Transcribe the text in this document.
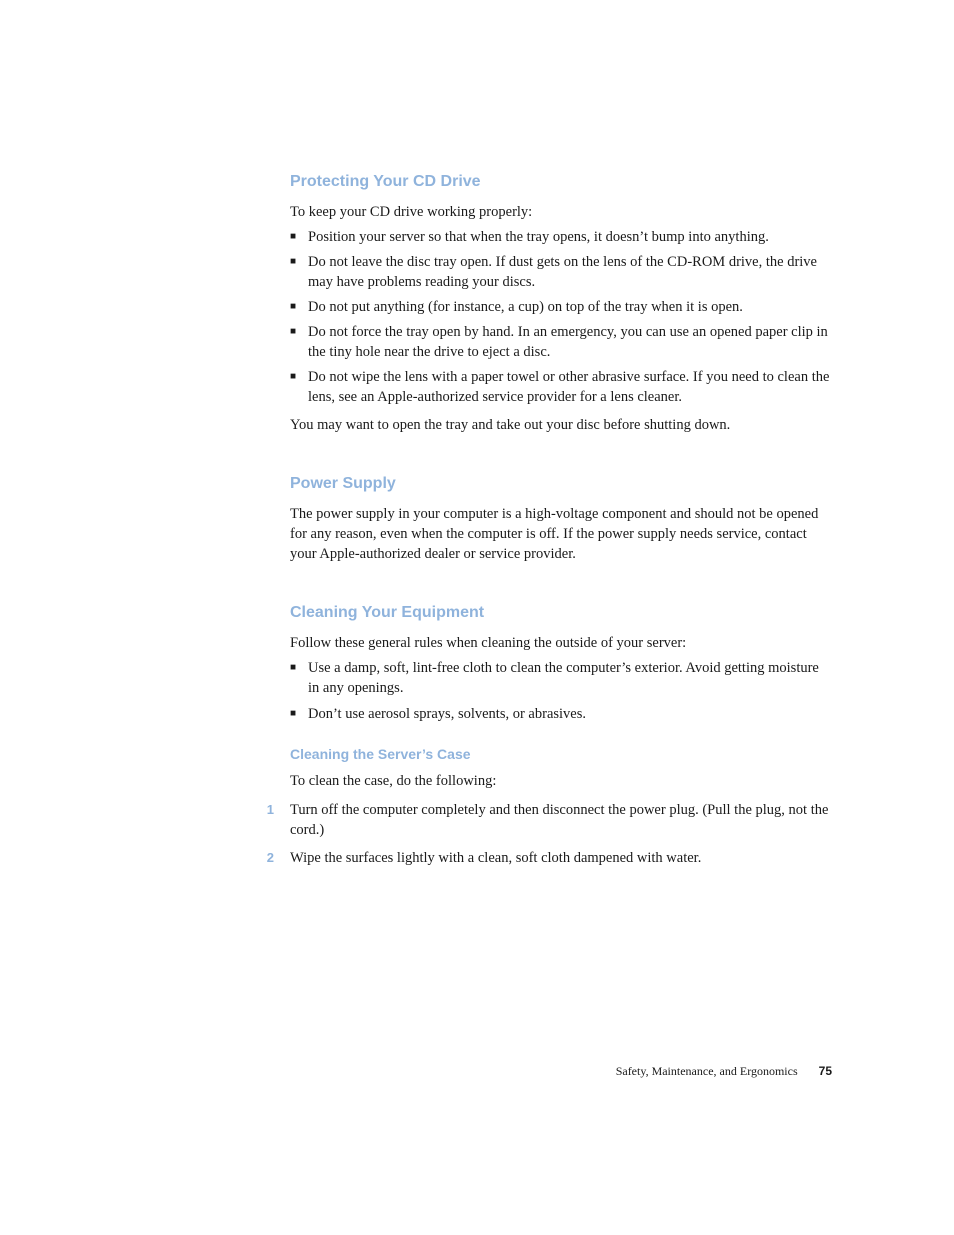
Protecting Your CD Drive

To keep your CD drive working properly:

■ Position your server so that when the tray opens, it doesn’t bump into anything.
■ Do not leave the disc tray open. If dust gets on the lens of the CD-ROM drive, the drive may have problems reading your discs.
■ Do not put anything (for instance, a cup) on top of the tray when it is open.
■ Do not force the tray open by hand. In an emergency, you can use an opened paper clip in the tiny hole near the drive to eject a disc.
■ Do not wipe the lens with a paper towel or other abrasive surface. If you need to clean the lens, see an Apple-authorized service provider for a lens cleaner.

You may want to open the tray and take out your disc before shutting down.

Power Supply

The power supply in your computer is a high-voltage component and should not be opened for any reason, even when the computer is off. If the power supply needs service, contact your Apple-authorized dealer or service provider.

Cleaning Your Equipment

Follow these general rules when cleaning the outside of your server:

■ Use a damp, soft, lint-free cloth to clean the computer’s exterior. Avoid getting moisture in any openings.
■ Don’t use aerosol sprays, solvents, or abrasives.
Cleaning the Server’s Case

To clean the case, do the following:

1 Turn off the computer completely and then disconnect the power plug. (Pull the plug, not the cord.)
2 Wipe the surfaces lightly with a clean, soft cloth dampened with water.
Safety, Maintenance, and Ergonomics 75
